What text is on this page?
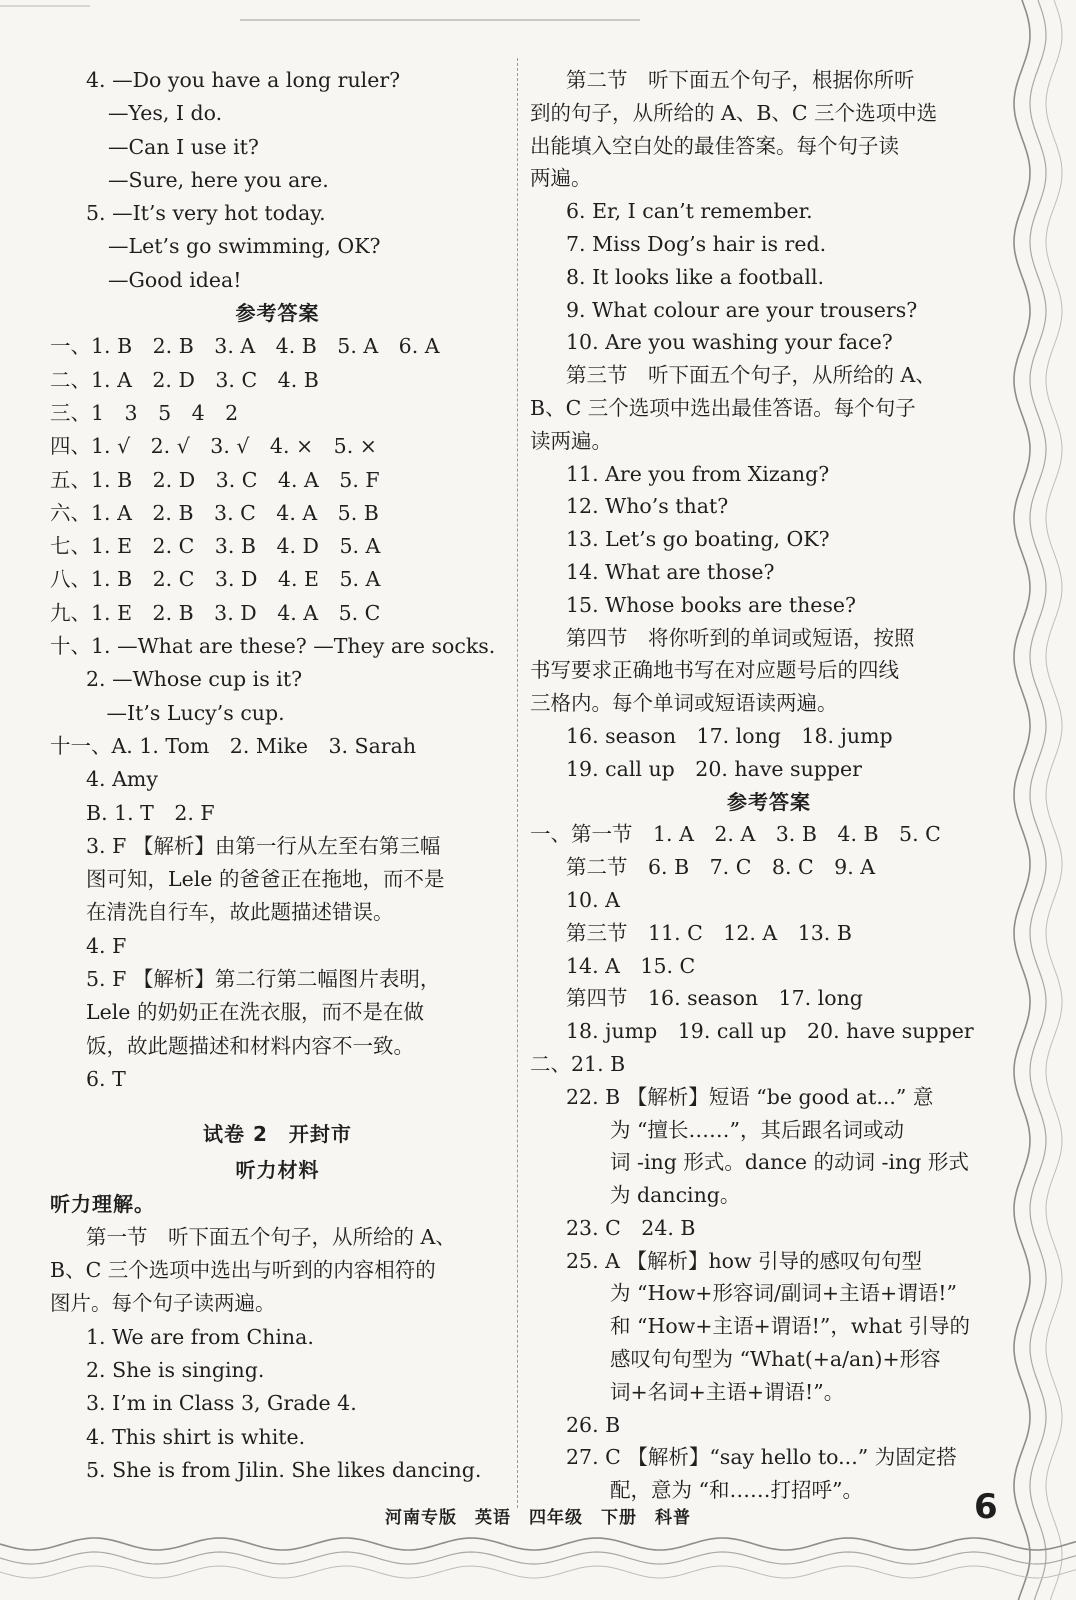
4. —Do you have a long ruler?
—Yes, I do.
—Can I use it?
—Sure, here you are.
5. —It’s very hot today.
—Let’s go swimming, OK?
—Good idea!
参考答案
一、1. B　2. B　3. A　4. B　5. A　6. A
二、1. A　2. D　3. C　4. B
三、1　3　5　4　2
四、1. √　2. √　3. √　4. ×　5. ×
五、1. B　2. D　3. C　4. A　5. F
六、1. A　2. B　3. C　4. A　5. B
七、1. E　2. C　3. B　4. D　5. A
八、1. B　2. C　3. D　4. E　5. A
九、1. E　2. B　3. D　4. A　5. C
十、1. —What are these? —They are socks.
2. —Whose cup is it?
　—It’s Lucy’s cup.
十一、A. 1. Tom　2. Mike　3. Sarah
4. Amy
B. 1. T　2. F
3. F 【解析】由第一行从左至右第三幅
图可知，Lele 的爸爸正在拖地，而不是
在清洗自行车，故此题描述错误。
4. F
5. F 【解析】第二行第二幅图片表明，
Lele 的奶奶正在洗衣服，而不是在做
饭，故此题描述和材料内容不一致。
6. T
试卷 2　开封市
听力材料
听力理解。
第一节　听下面五个句子，从所给的 A、
B、C 三个选项中选出与听到的内容相符的
图片。每个句子读两遍。
1. We are from China.
2. She is singing.
3. I’m in Class 3, Grade 4.
4. This shirt is white.
5. She is from Jilin. She likes dancing.
第二节　听下面五个句子，根据你所听
到的句子，从所给的 A、B、C 三个选项中选
出能填入空白处的最佳答案。每个句子读
两遍。
6. Er, I can’t remember.
7. Miss Dog’s hair is red.
8. It looks like a football.
9. What colour are your trousers?
10. Are you washing your face?
第三节　听下面五个句子，从所给的 A、
B、C 三个选项中选出最佳答语。每个句子
读两遍。
11. Are you from Xizang?
12. Who’s that?
13. Let’s go boating, OK?
14. What are those?
15. Whose books are these?
第四节　将你听到的单词或短语，按照
书写要求正确地书写在对应题号后的四线
三格内。每个单词或短语读两遍。
16. season　17. long　18. jump
19. call up　20. have supper
参考答案
一、第一节　1. A　2. A　3. B　4. B　5. C
第二节　6. B　7. C　8. C　9. A
10. A
第三节　11. C　12. A　13. B
14. A　15. C
第四节　16. season　17. long
18. jump　19. call up　20. have supper
二、21. B
22. B 【解析】短语 “be good at...” 意
为 “擅长……”，其后跟名词或动
词 -ing 形式。dance 的动词 -ing 形式
为 dancing。
23. C　24. B
25. A 【解析】how 引导的感叹句句型
为 “How+形容词/副词+主语+谓语!”
和 “How+主语+谓语!”，what 引导的
感叹句句型为 “What(+a/an)+形容
词+名词+主语+谓语!”。
26. B
27. C 【解析】“say hello to...” 为固定搭
配，意为 “和……打招呼”。
河南专版　英语　四年级　下册　科普	6
